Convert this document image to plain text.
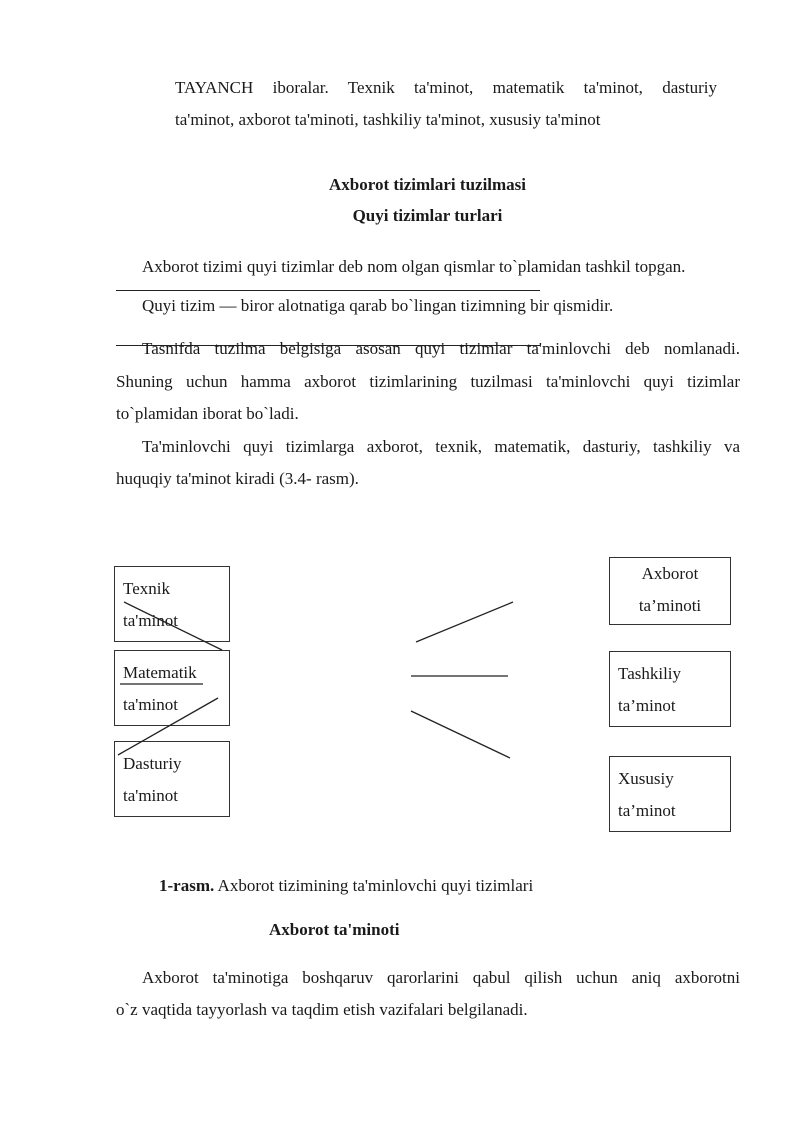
TAYANCH iboralar. Texnik ta'minot, matematik ta'minot, dasturiy
ta'minot, axborot ta'minoti, tashkiliy ta'minot, xususiy ta'minot
Axborot tizimlari tuzilmasi
Quyi tizimlar turlari
Axborot tizimi quyi tizimlar deb nom olgan qismlar to`plamidan tashkil topgan.
Quyi tizim — biror alotnatiga qarab bo`lingan tizimning bir qismidir.
Tasnifda tuzilma belgisiga asosan quyi tizimlar ta'minlovchi deb nomlanadi.
Shuning uchun hamma axborot tizimlarining tuzilmasi ta'minlovchi quyi tizimlar
to`plamidan iborat bo`ladi.
Ta'minlovchi quyi tizimlarga axborot, texnik, matematik, dasturiy, tashkiliy va
huquqiy ta'minot kiradi (3.4- rasm).
Texnik
ta'minot
Matematik
ta'minot
Dasturiy
ta'minot
Axborot
ta’minoti
Tashkiliy
ta’minot
Xususiy
ta’minot
1-rasm. Axborot tizimining ta'minlovchi quyi tizimlari
Axborot ta'minoti
Axborot ta'minotiga boshqaruv qarorlarini qabul qilish uchun aniq axborotni
o`z vaqtida tayyorlash va taqdim etish vazifalari belgilanadi.
